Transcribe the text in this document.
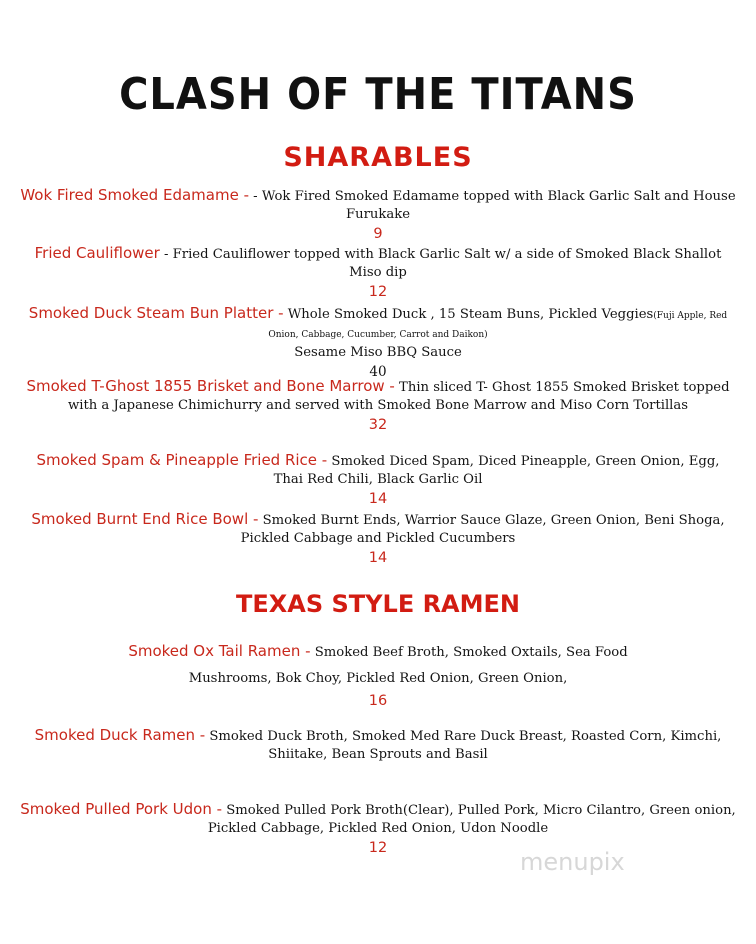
CLASH OF THE TITANS
SHARABLES
Wok Fired Smoked Edamame - - Wok Fired Smoked Edamame topped with Black Garlic Salt and House Furukake
9
Fried Cauliflower - Fried Cauliflower topped with Black Garlic Salt w/ a side of Smoked Black Shallot Miso dip
12
Smoked Duck Steam Bun Platter - Whole Smoked Duck , 15 Steam Buns, Pickled Veggies(Fuji Apple, Red Onion, Cabbage, Cucumber, Carrot and Daikon)
Sesame Miso BBQ Sauce
40
Smoked T-Ghost 1855 Brisket and Bone Marrow - Thin sliced T- Ghost 1855 Smoked Brisket topped with a Japanese Chimichurry and served with Smoked Bone Marrow and Miso Corn Tortillas
32
Smoked Spam & Pineapple Fried Rice - Smoked Diced Spam, Diced Pineapple, Green Onion, Egg, Thai Red Chili, Black Garlic Oil
14
Smoked Burnt End Rice Bowl - Smoked Burnt Ends, Warrior Sauce Glaze, Green Onion, Beni Shoga, Pickled Cabbage and Pickled Cucumbers
14
TEXAS STYLE RAMEN
Smoked Ox Tail Ramen - Smoked Beef Broth, Smoked Oxtails, Sea Food
Mushrooms, Bok Choy, Pickled Red Onion, Green Onion,
16
Smoked Duck Ramen - Smoked Duck Broth, Smoked Med Rare Duck Breast, Roasted Corn, Kimchi, Shiitake, Bean Sprouts and Basil
Smoked Pulled Pork Udon - Smoked Pulled Pork Broth(Clear), Pulled Pork, Micro Cilantro, Green onion, Pickled Cabbage, Pickled Red Onion, Udon Noodle
12	menupix
